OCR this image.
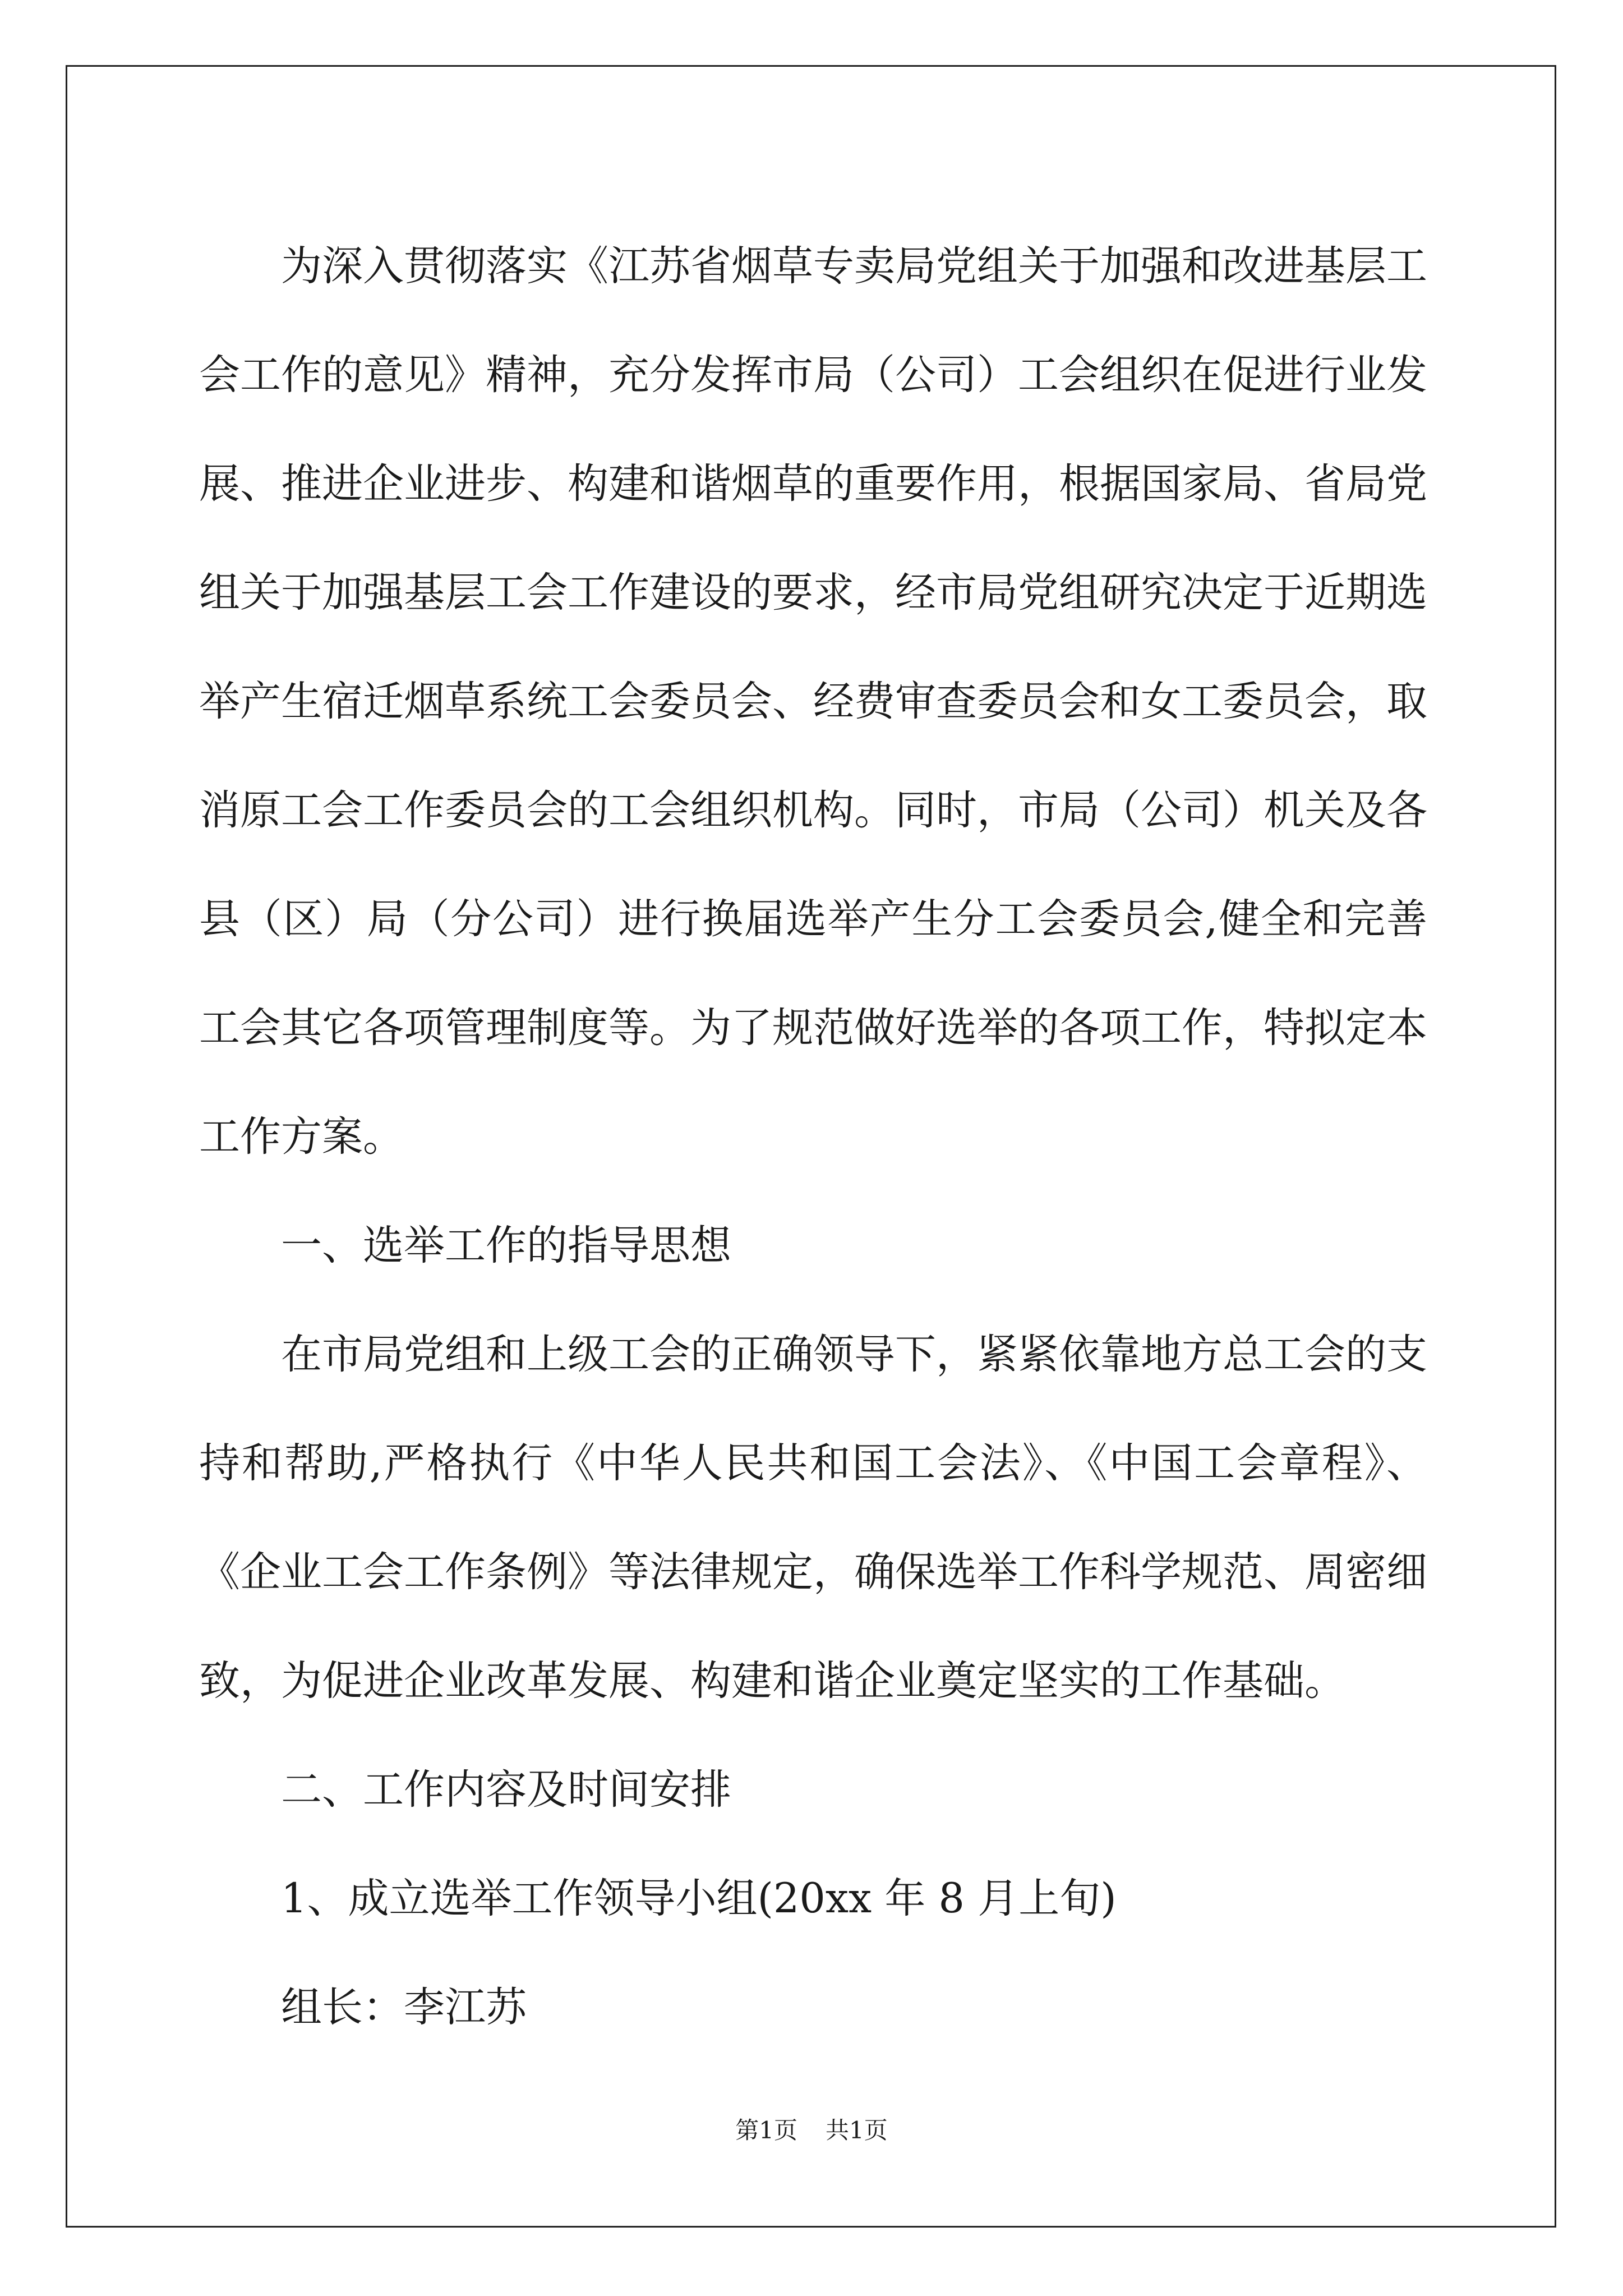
为深入贯彻落实《江苏省烟草专卖局党组关于加强和改进基层工会工作的意见》精神，充分发挥市局（公司）工会组织在促进行业发展、推进企业进步、构建和谐烟草的重要作用，根据国家局、省局党组关于加强基层工会工作建设的要求，经市局党组研究决定于近期选举产生宿迁烟草系统工会委员会、经费审查委员会和女工委员会，取消原工会工作委员会的工会组织机构。同时，市局（公司）机关及各县（区）局（分公司）进行换届选举产生分工会委员会,健全和完善工会其它各项管理制度等。为了规范做好选举的各项工作，特拟定本工作方案。

一、选举工作的指导思想

在市局党组和上级工会的正确领导下，紧紧依靠地方总工会的支持和帮助,严格执行《中华人民共和国工会法》、《中国工会章程》、《企业工会工作条例》等法律规定，确保选举工作科学规范、周密细致，为促进企业改革发展、构建和谐企业奠定坚实的工作基础。

二、工作内容及时间安排

1、成立选举工作领导小组(20xx 年 8 月上旬)

组长：李江苏

第1页 共1页
